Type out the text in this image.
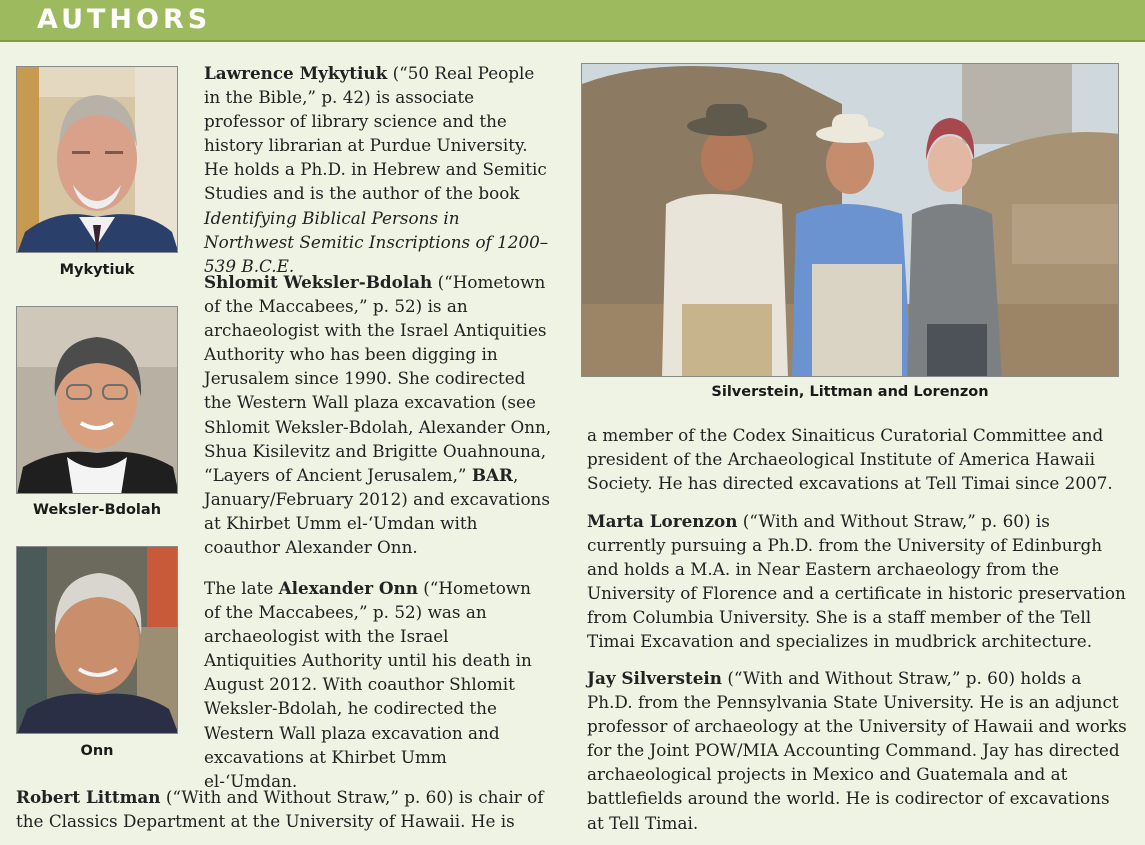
AUTHORS
Mykytiuk
Weksler-Bdolah
Onn
Lawrence Mykytiuk (“50 Real People in the Bible,” p. 42) is associate professor of library science and the history librarian at Purdue University. He holds a Ph.D. in Hebrew and Semitic Studies and is the author of the book Identifying Biblical Persons in Northwest Semitic Inscriptions of 1200–539 B.C.E.
Shlomit Weksler-Bdolah (“Hometown of the Maccabees,” p. 52) is an archaeologist with the Israel Antiquities Authority who has been digging in Jerusalem since 1990. She codirected the Western Wall plaza excavation (see Shlomit Weksler-Bdolah, Alexander Onn, Shua Kisilevitz and Brigitte Ouahnouna, “Layers of Ancient Jerusalem,” BAR, January/February 2012) and excavations at Khirbet Umm el-‘Umdan with coauthor Alexander Onn.
The late Alexander Onn (“Hometown of the Maccabees,” p. 52) was an archaeologist with the Israel Antiquities Authority until his death in August 2012. With coauthor Shlomit Weksler-Bdolah, he codirected the Western Wall plaza excavation and excavations at Khirbet Umm el-‘Umdan.
Robert Littman (“With and Without Straw,” p. 60) is chair of the Classics Department at the University of Hawaii. He is
Silverstein, Littman and Lorenzon
a member of the Codex Sinaiticus Curatorial Committee and president of the Archaeological Institute of America Hawaii Society. He has directed excavations at Tell Timai since 2007.
Marta Lorenzon (“With and Without Straw,” p. 60) is currently pursuing a Ph.D. from the University of Edinburgh and holds a M.A. in Near Eastern archaeology from the University of Florence and a certificate in historic preservation from Columbia University. She is a staff member of the Tell Timai Excavation and specializes in mudbrick architecture.
Jay Silverstein (“With and Without Straw,” p. 60) holds a Ph.D. from the Pennsylvania State University. He is an adjunct professor of archaeology at the University of Hawaii and works for the Joint POW/MIA Accounting Command. Jay has directed archaeological projects in Mexico and Guatemala and at battlefields around the world. He is codirector of excavations at Tell Timai.
